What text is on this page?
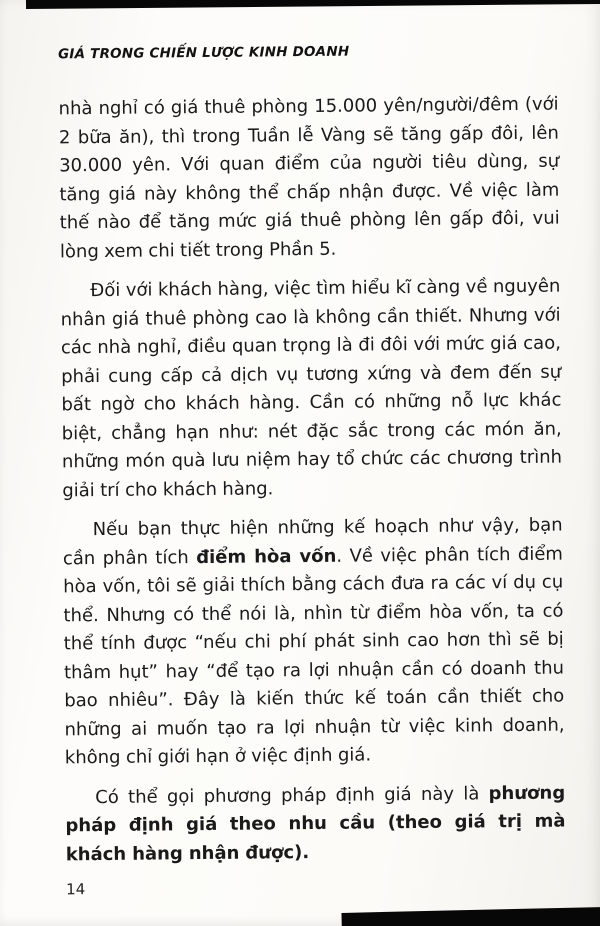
GIÁ TRONG CHIẾN LƯỢC KINH DOANH

nhà nghỉ có giá thuê phòng 15.000 yên/người/đêm (với 2 bữa ăn), thì trong Tuần lễ Vàng sẽ tăng gấp đôi, lên 30.000 yên. Với quan điểm của người tiêu dùng, sự tăng giá này không thể chấp nhận được. Về việc làm thế nào để tăng mức giá thuê phòng lên gấp đôi, vui lòng xem chi tiết trong Phần 5.

Đối với khách hàng, việc tìm hiểu kĩ càng về nguyên nhân giá thuê phòng cao là không cần thiết. Nhưng với các nhà nghỉ, điều quan trọng là đi đôi với mức giá cao, phải cung cấp cả dịch vụ tương xứng và đem đến sự bất ngờ cho khách hàng. Cần có những nỗ lực khác biệt, chẳng hạn như: nét đặc sắc trong các món ăn, những món quà lưu niệm hay tổ chức các chương trình giải trí cho khách hàng.

Nếu bạn thực hiện những kế hoạch như vậy, bạn cần phân tích điểm hòa vốn. Về việc phân tích điểm hòa vốn, tôi sẽ giải thích bằng cách đưa ra các ví dụ cụ thể. Nhưng có thể nói là, nhìn từ điểm hòa vốn, ta có thể tính được “nếu chi phí phát sinh cao hơn thì sẽ bị thâm hụt” hay “để tạo ra lợi nhuận cần có doanh thu bao nhiêu”. Đây là kiến thức kế toán cần thiết cho những ai muốn tạo ra lợi nhuận từ việc kinh doanh, không chỉ giới hạn ở việc định giá.

Có thể gọi phương pháp định giá này là phương pháp định giá theo nhu cầu (theo giá trị mà khách hàng nhận được).

14
